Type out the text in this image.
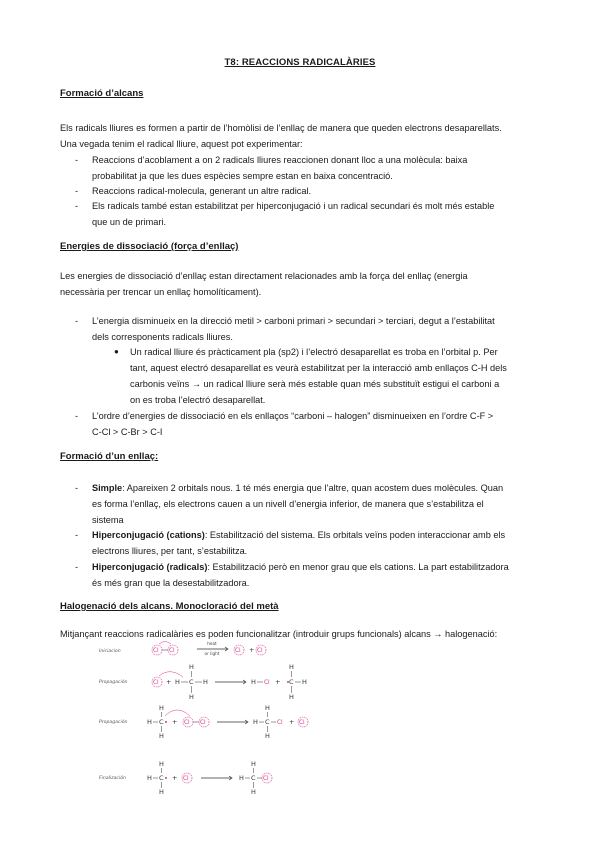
T8: REACCIONS RADICALÀRIES
Formació d’alcans
Els radicals lliures es formen a partir de l’homòlisi de l’enllaç de manera que queden electrons desaparellats.
Una vegada tenim el radical lliure, aquest pot experimentar:
- Reaccions d’acoblament a on 2 radicals lliures reaccionen donant lloc a una molècula: baixa
probabilitat ja que les dues espècies sempre estan en baixa concentració.
- Reaccions radical-molecula, generant un altre radical.
- Els radicals també estan estabilitzat per hiperconjugació i un radical secundari és molt més estable
que un de primari.
Energies de dissociació (força d’enllaç)
Les energies de dissociació d’enllaç estan directament relacionades amb la força del enllaç (energia
necessària per trencar un enllaç homolíticament).
- L’energia disminueix en la direcció metil > carboni primari > secundari > terciari, degut a l’estabilitat
dels corresponents radicals lliures.
● Un radical lliure és pràcticament pla (sp2) i l’electró desaparellat es troba en l’orbital p. Per
tant, aquest electró desaparellat es veurà estabilitzat per la interacció amb enllaços C-H dels
carbonis veïns → un radical lliure serà més estable quan més substituït estigui el carboni a
on es troba l’electró desaparellat.
- L’ordre d’energies de dissociació en els enllaços “carboni – halogen” disminueixen en l’ordre C-F >
C-Cl > C-Br > C-I
Formació d’un enllaç:
- Simple: Apareixen 2 orbitals nous. 1 té més energia que l’altre, quan acostem dues molècules. Quan
es forma l’enllaç, els electrons cauen a un nivell d’energia inferior, de manera que s’estabilitza el
sistema
- Hiperconjugació (cations): Estabilització del sistema. Els orbitals veïns poden interaccionar amb els
electrons lliures, per tant, s’estabilitza.
- Hiperconjugació (radicals): Estabilització però en menor grau que els cations. La part estabilitzadora
és més gran que la desestabilitzadora.
Halogenació dels alcans. Monocloració del metà
Mitjançant reaccions radicalàries es poden funcionalitzar (introduir grups funcionals) alcans → halogenació:
Iniciacion
Propagación
Propagación
Finalización
Cl Cl
heat
or light	Cl + Cl
Cl + H C
H
H
H	H Cl + C
H
H
H
H C
H
H
+ Cl Cl	H C
H
H
Cl + Cl
H C
H
H
+ Cl	H C
H
H
Cl
